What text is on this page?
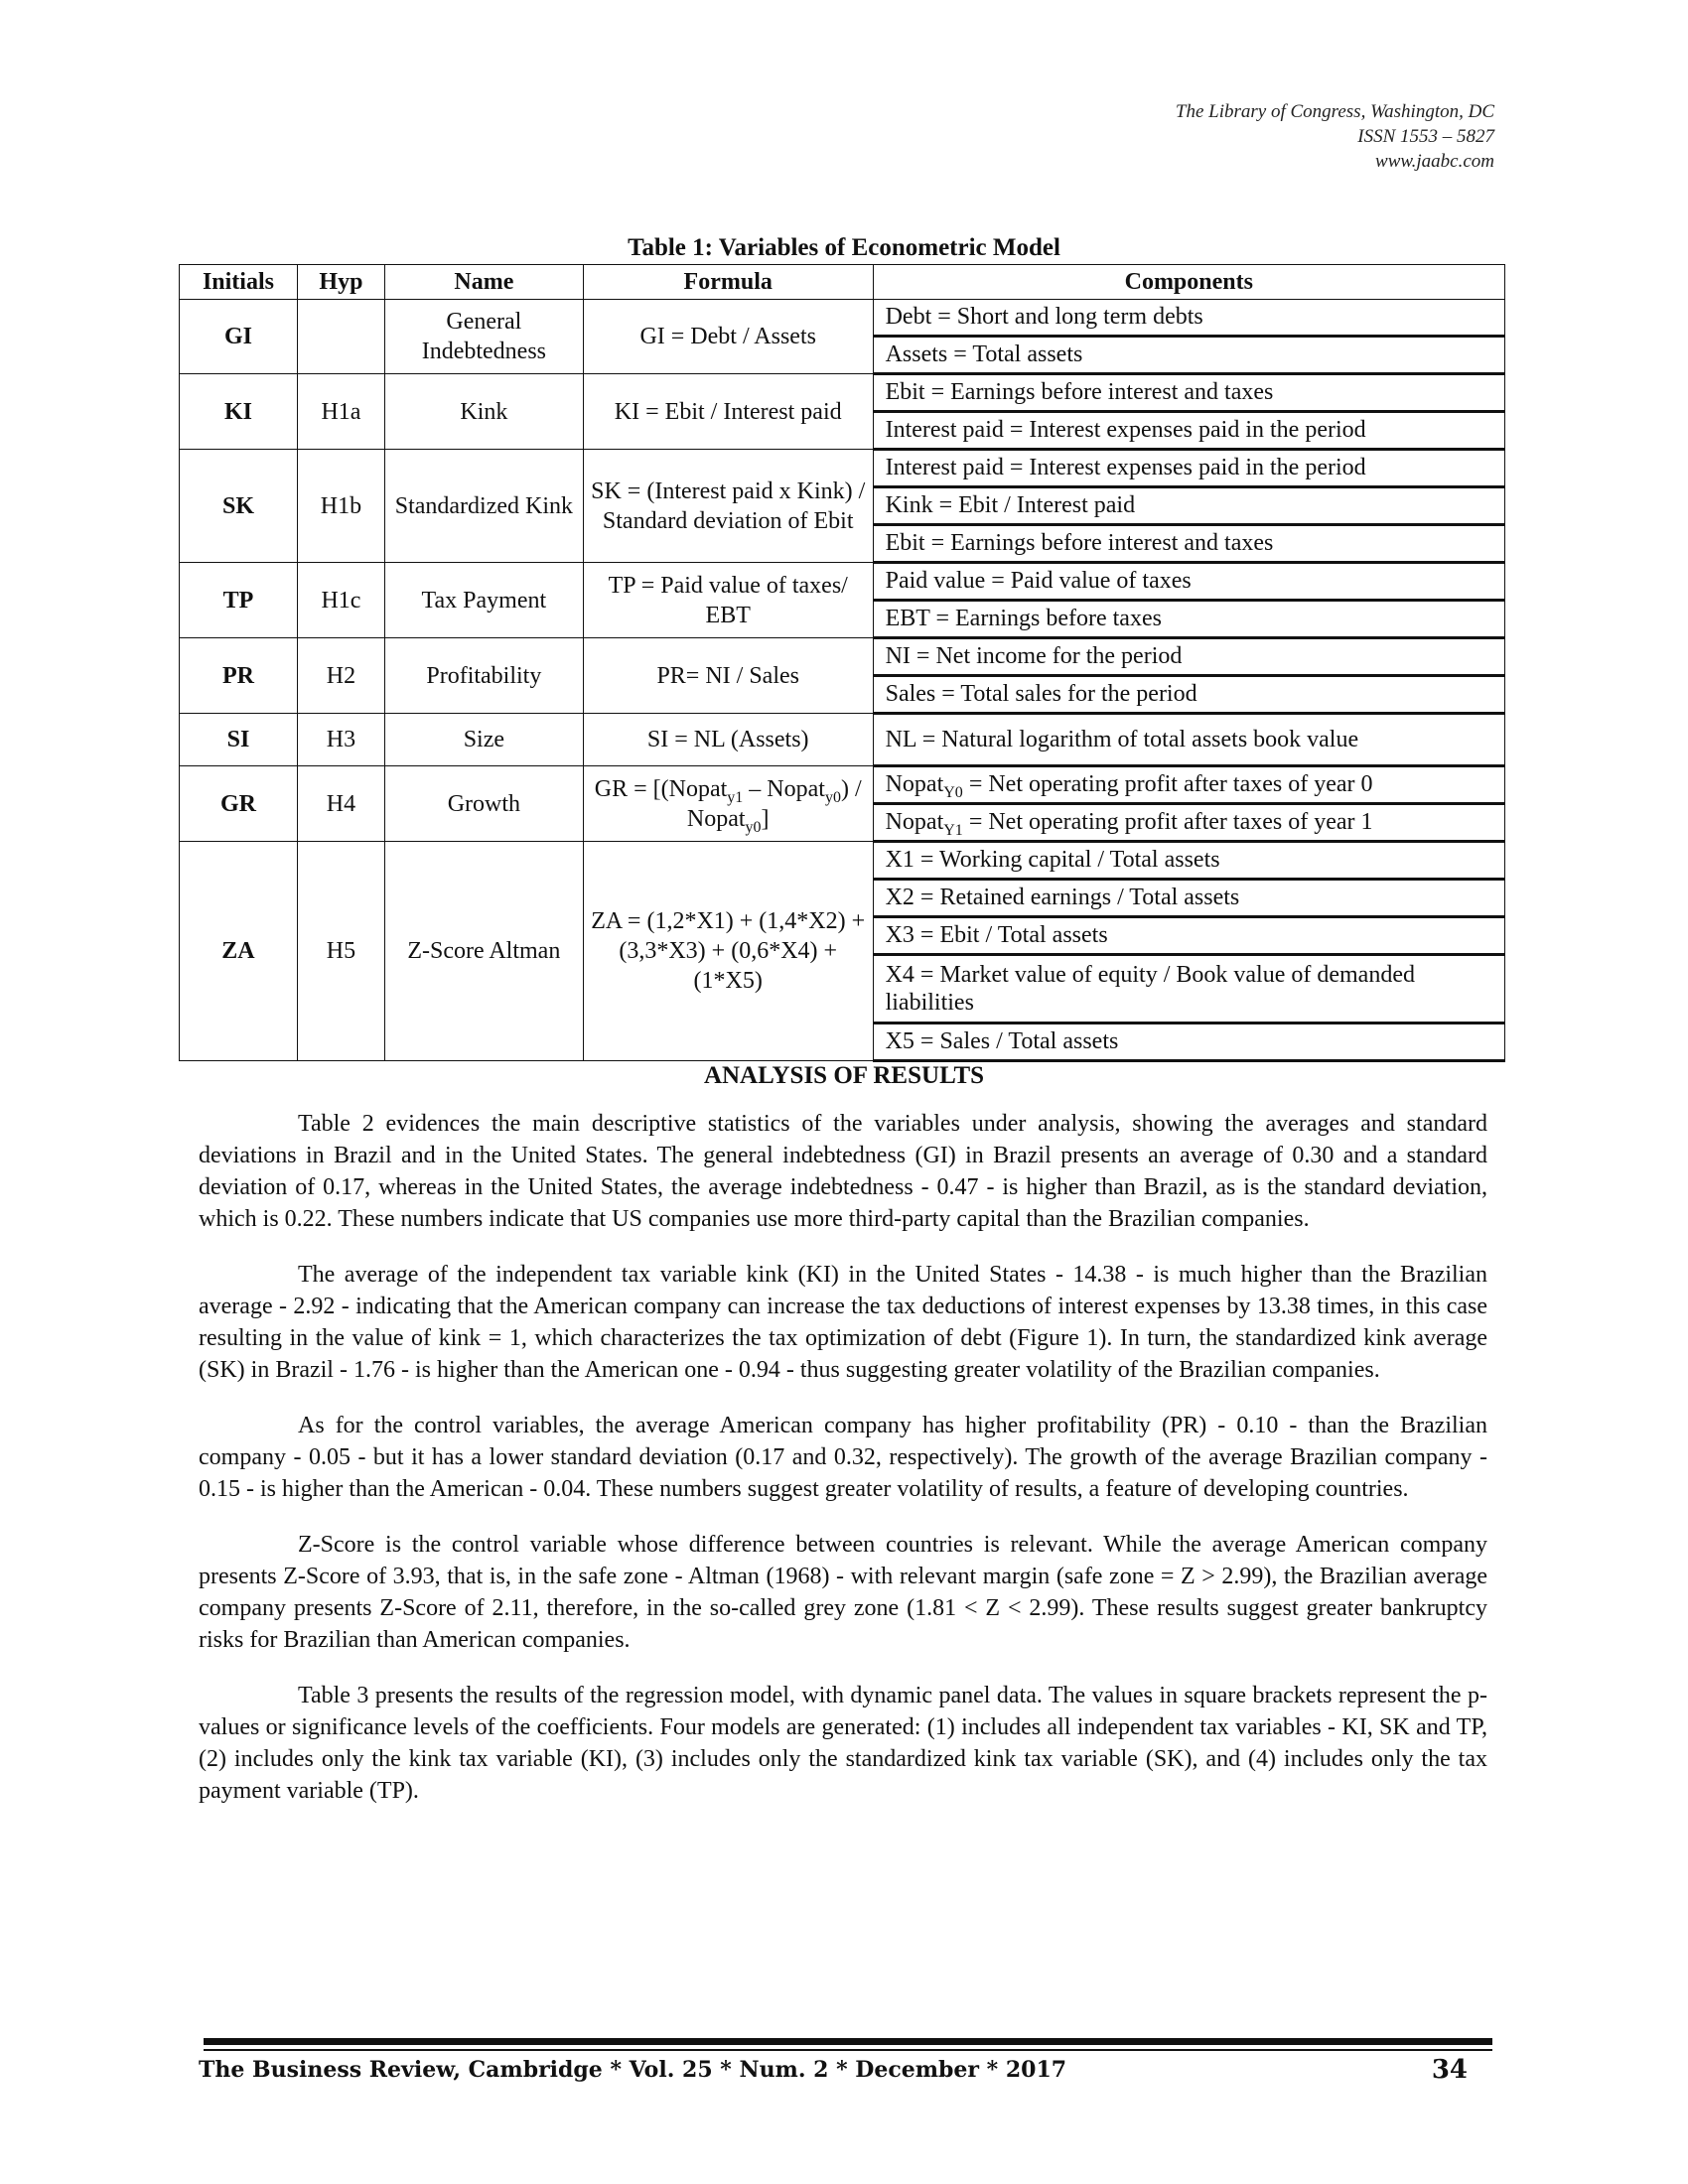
The Library of Congress, Washington, DC
ISSN 1553 – 5827
www.jaabc.com
Table 1: Variables of Econometric Model
Initials	Hyp	Name	Formula	Components
GI		General Indebtedness	GI = Debt / Assets	Debt = Short and long term debts
				Assets = Total assets
KI	H1a	Kink	KI = Ebit / Interest paid	Ebit = Earnings before interest and taxes
				Interest paid = Interest expenses paid in the period
SK	H1b	Standardized Kink	SK = (Interest paid x Kink) / Standard deviation of Ebit	Interest paid = Interest expenses paid in the period
				Kink = Ebit / Interest paid
				Ebit = Earnings before interest and taxes
TP	H1c	Tax Payment	TP = Paid value of taxes/ EBT	Paid value = Paid value of taxes
				EBT = Earnings before taxes
PR	H2	Profitability	PR= NI / Sales	NI = Net income for the period
				Sales = Total sales for the period
SI	H3	Size	SI = NL (Assets)	NL = Natural logarithm of total assets book value
GR	H4	Growth	GR = [(Nopat$_{y1}$ – Nopat$_{y0}$) / Nopat$_{y0}$]	Nopat$_{Y0}$ = Net operating profit after taxes of year 0
				Nopat$_{Y1}$ = Net operating profit after taxes of year 1
ZA	H5	Z-Score Altman	ZA = (1,2*X1) + (1,4*X2) + (3,3*X3) + (0,6*X4) + (1*X5)	X1 = Working capital / Total assets
				X2 = Retained earnings / Total assets
				X3 = Ebit / Total assets
				X4 = Market value of equity / Book value of demanded liabilities
				X5 = Sales / Total assets
ANALYSIS OF RESULTS

Table 2 evidences the main descriptive statistics of the variables under analysis, showing the averages and standard deviations in Brazil and in the United States. The general indebtedness (GI) in Brazil presents an average of 0.30 and a standard deviation of 0.17, whereas in the United States, the average indebtedness - 0.47 - is higher than Brazil, as is the standard deviation, which is 0.22. These numbers indicate that US companies use more third-party capital than the Brazilian companies.

The average of the independent tax variable kink (KI) in the United States - 14.38 - is much higher than the Brazilian average - 2.92 - indicating that the American company can increase the tax deductions of interest expenses by 13.38 times, in this case resulting in the value of kink = 1, which characterizes the tax optimization of debt (Figure 1). In turn, the standardized kink average (SK) in Brazil - 1.76 - is higher than the American one - 0.94 - thus suggesting greater volatility of the Brazilian companies.

As for the control variables, the average American company has higher profitability (PR) - 0.10 - than the Brazilian company - 0.05 - but it has a lower standard deviation (0.17 and 0.32, respectively). The growth of the average Brazilian company - 0.15 - is higher than the American - 0.04. These numbers suggest greater volatility of results, a feature of developing countries.

Z-Score is the control variable whose difference between countries is relevant. While the average American company presents Z-Score of 3.93, that is, in the safe zone - Altman (1968) - with relevant margin (safe zone = Z > 2.99), the Brazilian average company presents Z-Score of 2.11, therefore, in the so-called grey zone (1.81 < Z < 2.99). These results suggest greater bankruptcy risks for Brazilian than American companies.

Table 3 presents the results of the regression model, with dynamic panel data. The values in square brackets represent the p-values or significance levels of the coefficients. Four models are generated: (1) includes all independent tax variables - KI, SK and TP, (2) includes only the kink tax variable (KI), (3) includes only the standardized kink tax variable (SK), and (4) includes only the tax payment variable (TP).

The Business Review, Cambridge * Vol. 25 * Num. 2 * December * 2017	34
